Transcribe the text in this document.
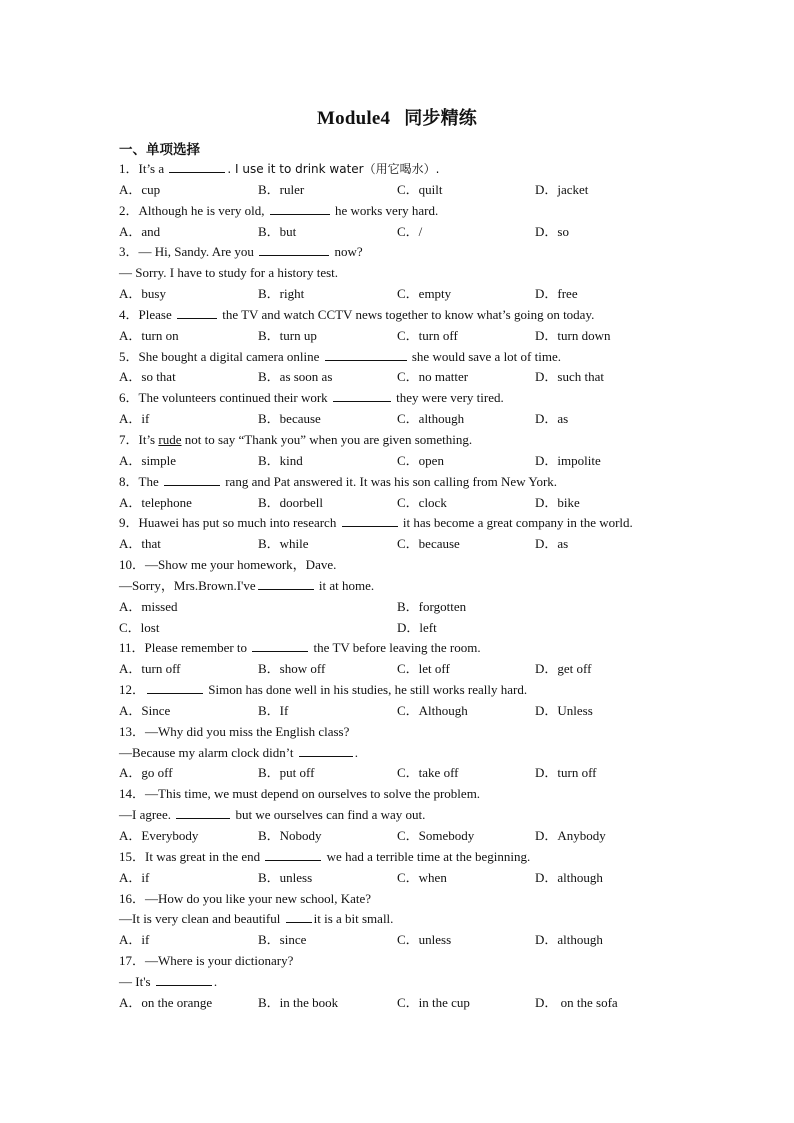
Module4 同步精练
一、单项选择
1．It’s a	. I use it to drink water（用它喝水）.
A．cup	B．ruler	C．quilt	D．jacket
2．Although he is very old,	he works very hard.
A．and	B．but	C．/	D．so
3．— Hi, Sandy. Are you	now?
— Sorry. I have to study for a history test.
A．busy	B．right	C．empty	D．free
4．Please	the TV and watch CCTV news together to know what’s going on today.
A．turn on	B．turn up	C．turn off	D．turn down
5．She bought a digital camera online	she would save a lot of time.
A．so that	B．as soon as	C．no matter	D．such that
6．The volunteers continued their work	they were very tired.
A．if	B．because	C．although	D．as
7．It’s rude not to say “Thank you” when you are given something.
A．simple	B．kind	C．open	D．impolite
8．The	rang and Pat answered it. It was his son calling from New York.
A．telephone	B．doorbell	C．clock	D．bike
9．Huawei has put so much into research	it has become a great company in the world.
A．that	B．while	C．because	D．as
10．—Show me your homework，Dave.
—Sorry，Mrs.Brown.I've	it at home.
A．missed	B．forgotten
C．lost	D．left
11．Please remember to	the TV before leaving the room.
A．turn off	B．show off	C．let off	D．get off
12．	Simon has done well in his studies, he still works really hard.
A．Since	B．If	C．Although	D．Unless
13．—Why did you miss the English class?
—Because my alarm clock didn’t	.
A．go off	B．put off	C．take off	D．turn off
14．—This time, we must depend on ourselves to solve the problem.
—I agree.	but we ourselves can find a way out.
A．Everybody	B．Nobody	C．Somebody	D．Anybody
15．It was great in the end	we had a terrible time at the beginning.
A．if	B．unless	C．when	D．although
16．—How do you like your new school, Kate?
—It is very clean and beautiful	it is a bit small.
A．if	B．since	C．unless	D．although
17．—Where is your dictionary?
— It's	.
A．on the orange	B．in the book	C．in the cup	D． on the sofa
